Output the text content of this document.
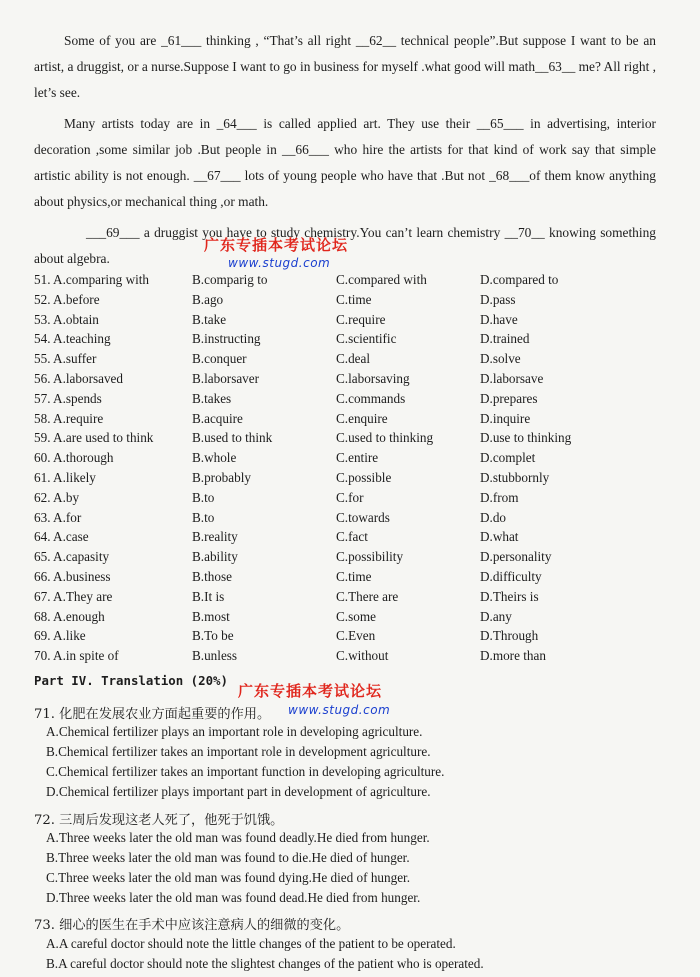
Some of you are _61___ thinking , “That’s all right __62__ technical people”.But suppose I want to be an artist, a druggist, or a nurse.Suppose I want to go in business for myself .what good will math__63__ me? All right , let’s see.

Many artists today are in _64___ is called applied art. They use their __65___ in advertising, interior decoration ,some similar job .But people in __66___ who hire the artists for that kind of work say that simple artistic ability is not enough. __67___ lots of young people who have that .But not _68___of them know anything about physics,or mechanical thing ,or math.

___69___ a druggist you have to study chemistry.You can’t learn chemistry __70__ knowing something about algebra.

广东专插本考试论坛
www.stugd.com
51. A.comparing with	B.comparig to	C.compared with	D.compared to
52. A.before	B.ago	C.time	D.pass
53. A.obtain	B.take	C.require	D.have
54. A.teaching	B.instructing	C.scientific	D.trained
55. A.suffer	B.conquer	C.deal	D.solve
56. A.laborsaved	B.laborsaver	C.laborsaving	D.laborsave
57. A.spends	B.takes	C.commands	D.prepares
58. A.require	B.acquire	C.enquire	D.inquire
59. A.are used to think	B.used to think	C.used to thinking	D.use to thinking
60. A.thorough	B.whole	C.entire	D.complet
61. A.likely	B.probably	C.possible	D.stubbornly
62. A.by	B.to	C.for	D.from
63. A.for	B.to	C.towards	D.do
64. A.case	B.reality	C.fact	D.what
65. A.capasity	B.ability	C.possibility	D.personality
66. A.business	B.those	C.time	D.difficulty
67. A.They are	B.It is	C.There are	D.Theirs is
68. A.enough	B.most	C.some	D.any
69. A.like	B.To be	C.Even	D.Through
70. A.in spite of	B.unless	C.without	D.more than
Part IV. Translation (20%)
广东专插本考试论坛
www.stugd.com
71. 化肥在发展农业方面起重要的作用。
A.Chemical fertilizer plays an important role in developing agriculture.
B.Chemical fertilizer takes an important role in development agriculture.
C.Chemical fertilizer takes an important function in developing agriculture.
D.Chemical fertilizer plays important part in development of agriculture.
72. 三周后发现这老人死了，他死于饥饿。
A.Three weeks later the old man was found deadly.He died from hunger.
B.Three weeks later the old man was found to die.He died of hunger.
C.Three weeks later the old man was found dying.He died of hunger.
D.Three weeks later the old man was found dead.He died from hunger.
73. 细心的医生在手术中应该注意病人的细微的变化。
A.A careful doctor should note the little changes of the patient to be operated.
B.A careful doctor should note the slightest changes of the patient who is operated.
